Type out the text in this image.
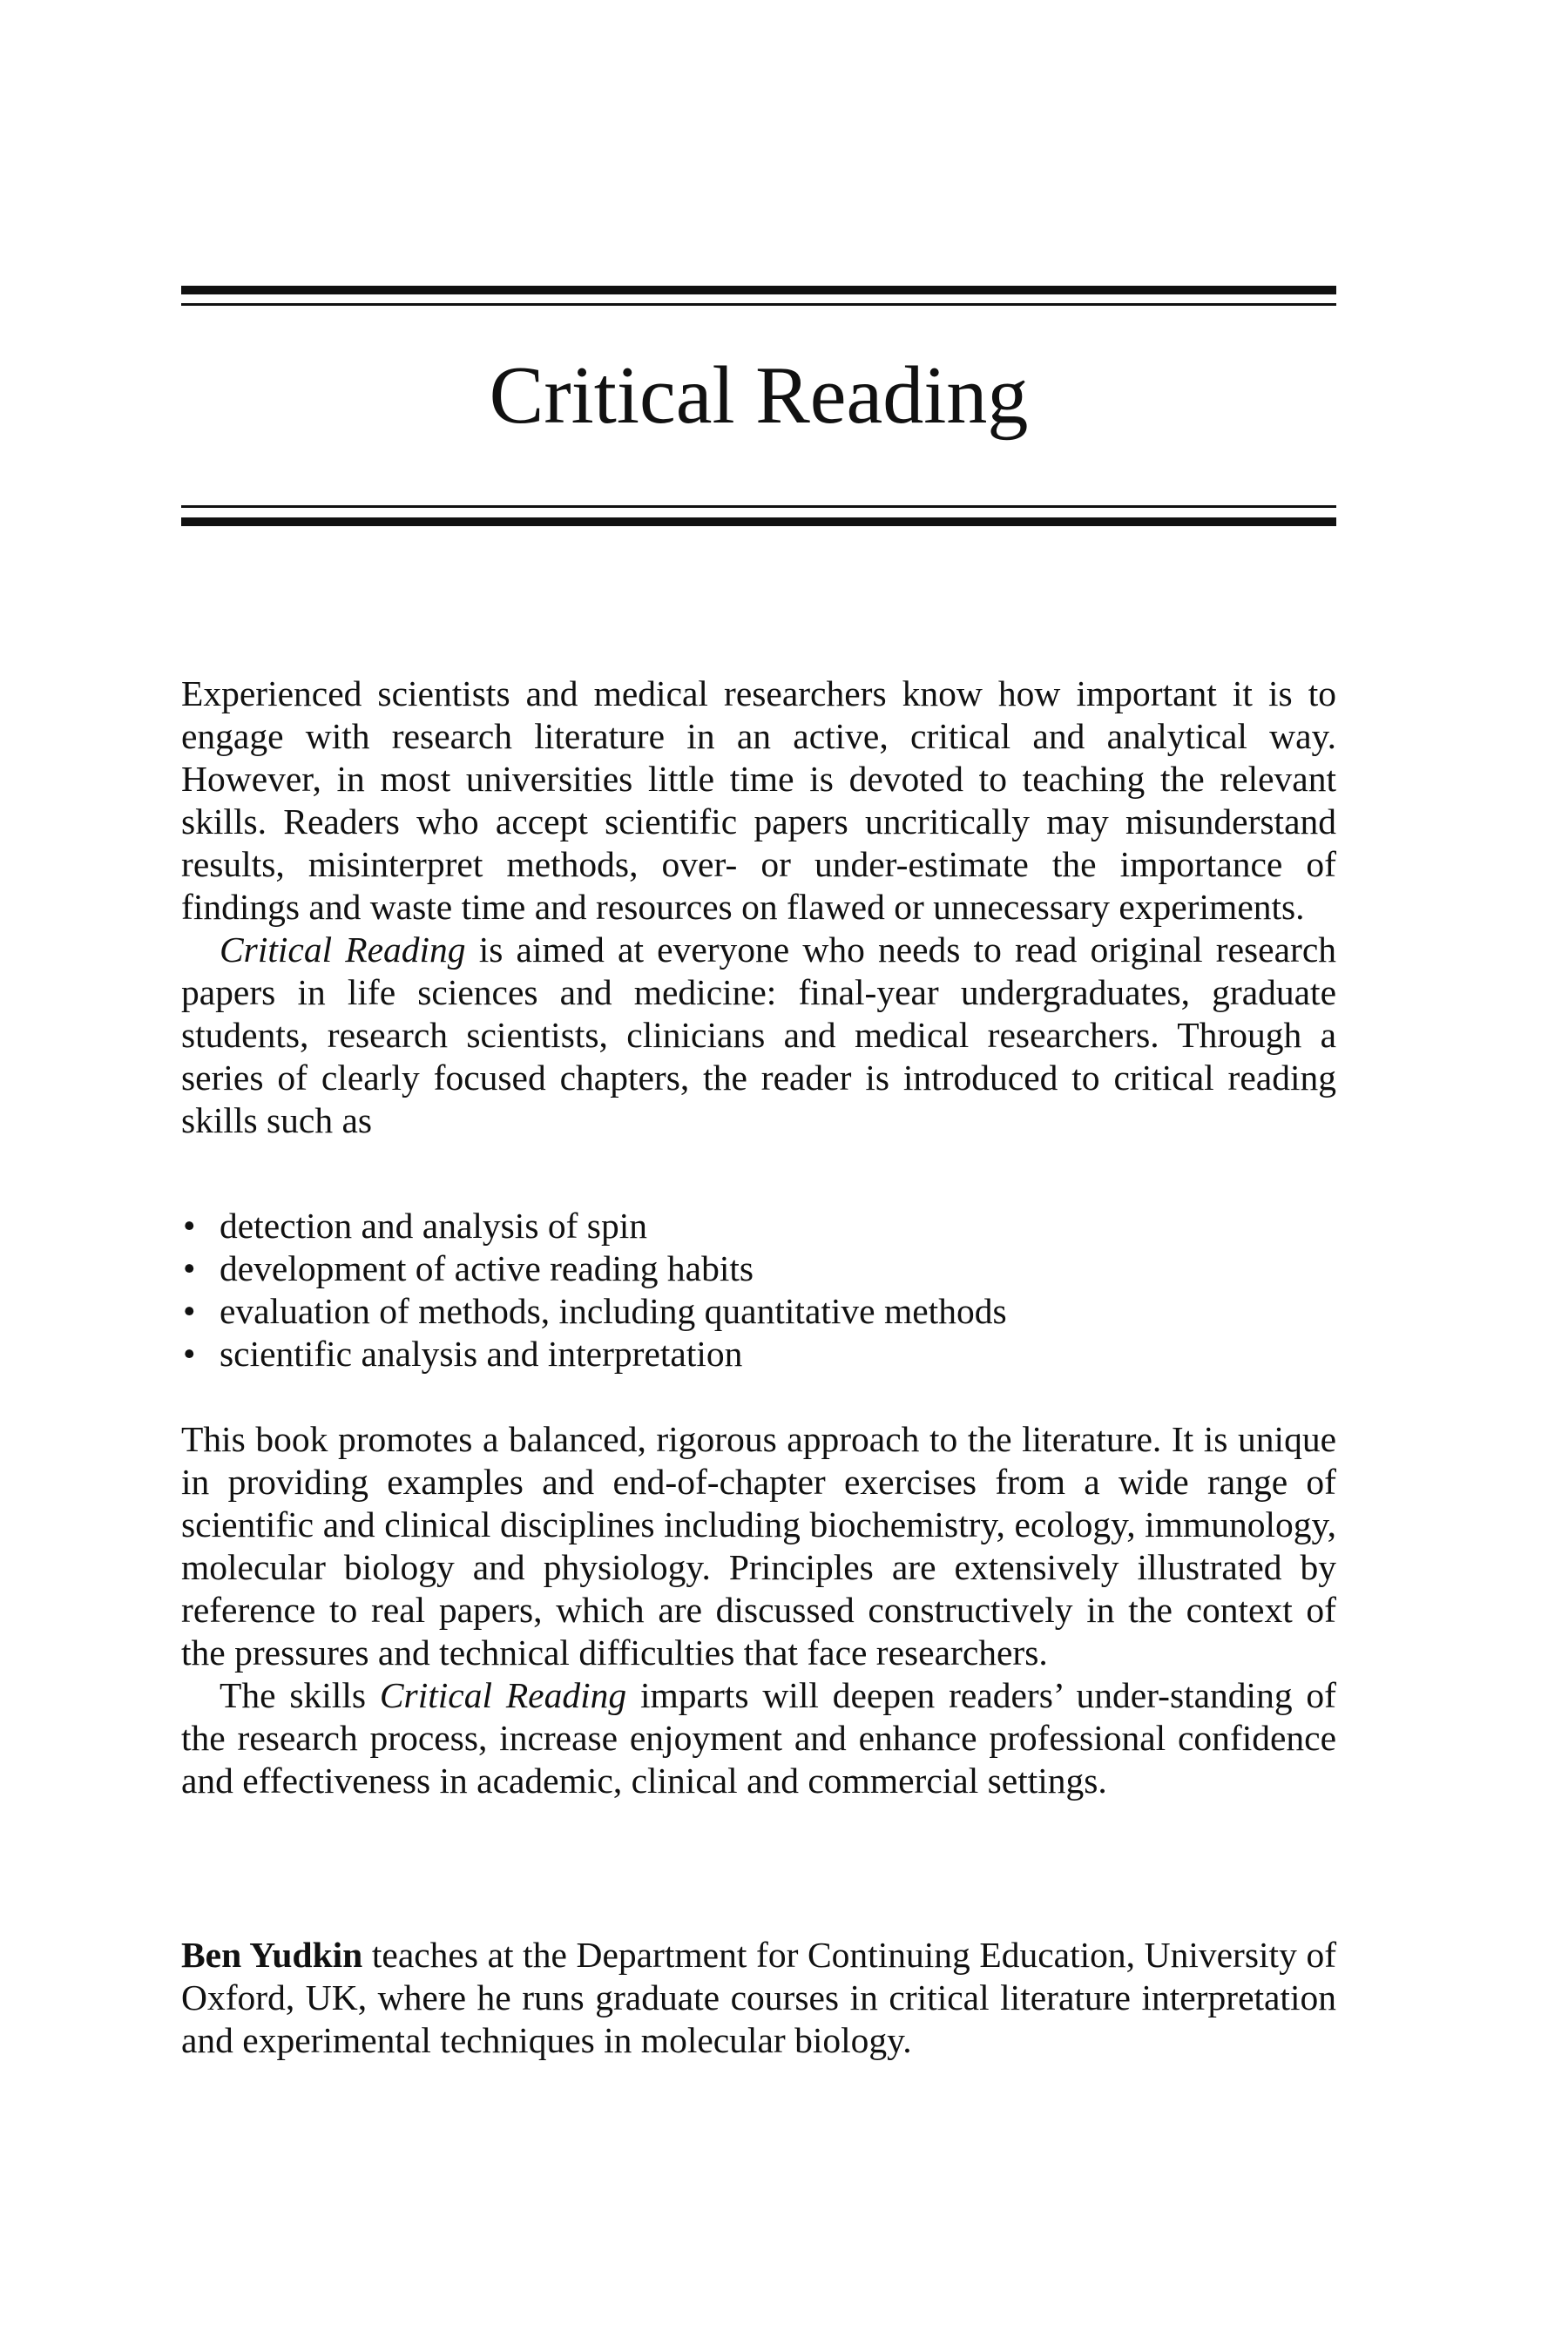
Critical Reading

Experienced scientists and medical researchers know how important it is to engage with research literature in an active, critical and analytical way. However, in most universities little time is devoted to teaching the relevant skills. Readers who accept scientific papers uncritically may misunderstand results, misinterpret methods, over- or under-estimate the importance of findings and waste time and resources on flawed or unnecessary experiments.

Critical Reading is aimed at everyone who needs to read original research papers in life sciences and medicine: final-year undergraduates, graduate students, research scientists, clinicians and medical researchers. Through a series of clearly focused chapters, the reader is introduced to critical reading skills such as

• detection and analysis of spin
• development of active reading habits
• evaluation of methods, including quantitative methods
• scientific analysis and interpretation

This book promotes a balanced, rigorous approach to the literature. It is unique in providing examples and end-of-chapter exercises from a wide range of scientific and clinical disciplines including biochemistry, ecology, immunology, molecular biology and physiology. Principles are extensively illustrated by reference to real papers, which are discussed constructively in the context of the pressures and technical difficulties that face researchers.

The skills Critical Reading imparts will deepen readers’ under-standing of the research process, increase enjoyment and enhance professional confidence and effectiveness in academic, clinical and commercial settings.

Ben Yudkin teaches at the Department for Continuing Education, University of Oxford, UK, where he runs graduate courses in critical literature interpretation and experimental techniques in molecular biology.
